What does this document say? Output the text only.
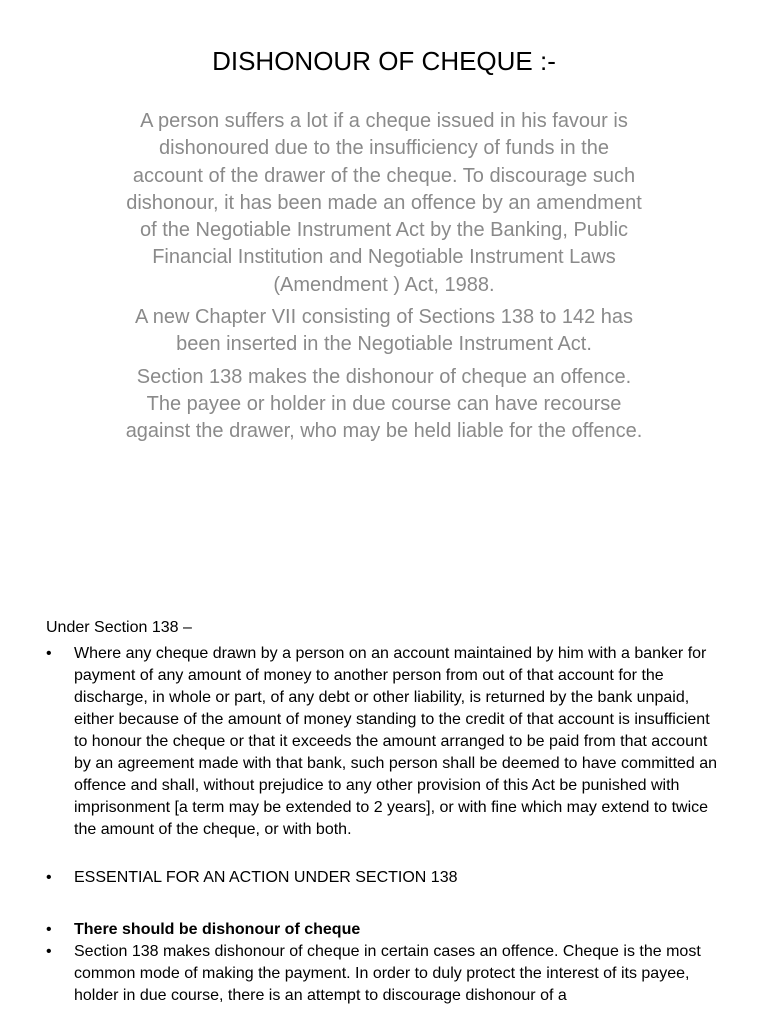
DISHONOUR OF CHEQUE :-

A person suffers a lot if a cheque issued in his favour is dishonoured due to the insufficiency of funds in the account of the drawer of the cheque. To discourage such dishonour, it has been made an offence by an amendment of the Negotiable Instrument Act by the Banking, Public Financial Institution and Negotiable Instrument Laws (Amendment ) Act, 1988.

A new Chapter VII consisting of Sections 138 to 142 has been inserted in the Negotiable Instrument Act.

Section 138 makes the dishonour of cheque an offence. The payee or holder in due course can have recourse against the drawer, who may be held liable for the offence.

Under Section 138 –
• Where any cheque drawn by a person on an account maintained by him with a banker for payment of any amount of money to another person from out of that account for the discharge, in whole or part, of any debt or other liability, is returned by the bank unpaid, either because of the amount of money standing to the credit of that account is insufficient to honour the cheque or that it exceeds the amount arranged to be paid from that account by an agreement made with that bank, such person shall be deemed to have committed an offence and shall, without prejudice to any other provision of this Act be punished with imprisonment [a term may be extended to 2 years], or with fine which may extend to twice the amount of the cheque, or with both.
• ESSENTIAL FOR AN ACTION UNDER SECTION 138
• There should be dishonour of cheque
• Section 138 makes dishonour of cheque in certain cases an offence. Cheque is the most common mode of making the payment. In order to duly protect the interest of its payee, holder in due course, there is an attempt to discourage dishonour of a
